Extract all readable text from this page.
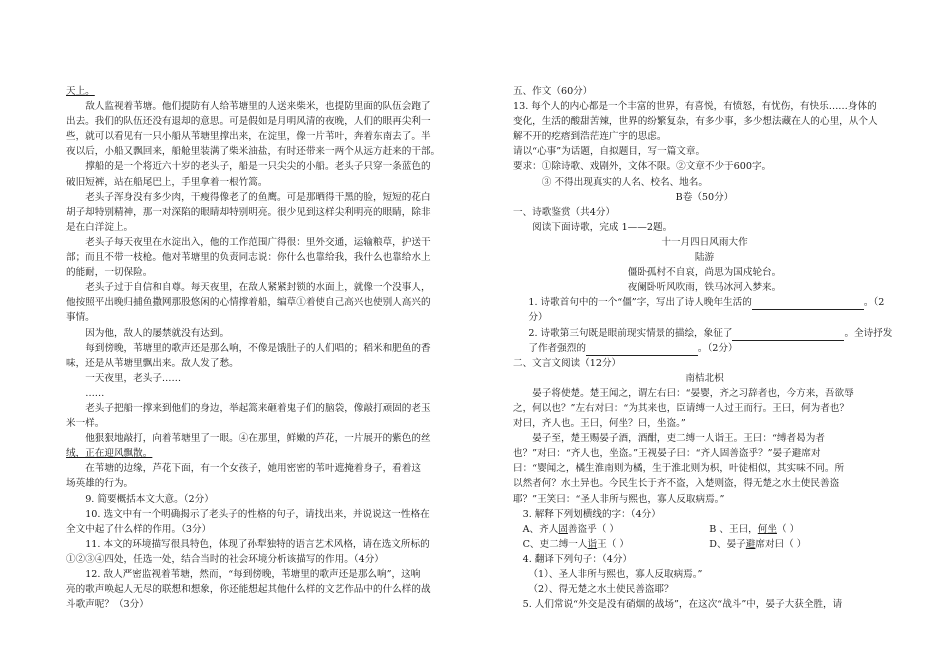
天上。
敌人监视着苇塘。他们提防有人给苇塘里的人送来柴米，也提防里面的队伍会跑了
出去。我们的队伍还没有退却的意思。可是假如是月明风清的夜晚，人们的眼再尖利一
些，就可以看见有一只小船从苇塘里撑出来，在淀里，像一片苇叶，奔着东南去了。半
夜以后，小船又飘回来，船舱里装满了柴米油盐，有时还带来一两个从远方赶来的干部。
撑船的是一个将近六十岁的老头子，船是一只尖尖的小船。老头子只穿一条蓝色的
破旧短裤，站在船尾巴上，手里拿着一根竹篙。
老头子浑身没有多少肉，干瘦得像老了的鱼鹰。可是那晒得干黑的脸，短短的花白
胡子却特别精神，那一对深陷的眼睛却特别明亮。很少见到这样尖利明亮的眼睛，除非
是在白洋淀上。
老头子每天夜里在水淀出入，他的工作范围广得很：里外交通，运输粮草，护送干
部；而且不带一枝枪。他对苇塘里的负责同志说：你什么也靠给我，我什么也靠给水上
的能耐，一切保险。
老头子过于自信和自尊。每天夜里，在敌人紧紧封锁的水面上，就像一个没事人，
他按照平出晚归捕鱼撒网那股悠闲的心情撑着船，编草①着使自己高兴也使别人高兴的
事情。
因为他，敌人的屡禁就没有达到。
每到傍晚，苇塘里的歌声还是那么响，不像是饿肚子的人们唱的；稻米和肥鱼的香
味，还是从苇塘里飘出来。敌人发了愁。
一天夜里，老头子……
……
老头子把船一撑来到他们的身边，举起篙来砸着鬼子们的脑袋，像敲打顽固的老玉
米一样。
他狠狠地敲打，向着苇塘里了一眼。④在那里，鲜嫩的芦花，一片展开的紫色的丝
绒，正在迎风飘散。
在苇塘的边缘，芦花下面，有一个女孩子，她用密密的苇叶遮掩着身子，看着这
场英雄的行为。
9. 简要概括本文大意。（2分）
10. 选文中有一个明确揭示了老头子的性格的句子，请找出来，并说说这一性格在
全文中起了什么样的作用。（3分）
11. 本文的环境描写很具特色，体现了孙犁独特的语言艺术风格，请在选文所标的
①②③④四处，任选一处，结合当时的社会环境分析该描写的作用。（4分）
12. 敌人严密监视着苇塘，然而，“每到傍晚，苇塘里的歌声还是那么响”，这响
亮的歌声唤起人无尽的联想和想象，你还能想起其他什么样的文艺作品中的什么样的战
斗歌声呢？（3分）
五、作文（60分）
13. 每个人的内心都是一个丰富的世界，有喜悦，有愤怒，有忧伤，有快乐……身体的
变化，生活的酸甜苦辣，世界的纷繁复杂，有多少事，多少想法藏在人的心里，从个人
解不开的疙瘩到浩茫连广宇的思虑。
请以“心事”为话题，自拟题目，写一篇文章。
要求：①除诗歌、戏剧外，文体不限。②文章不少于600字。
③ 不得出现真实的人名、校名、地名。
B卷（50分）
一、诗歌鉴赏（共4分）
阅读下面诗歌，完成 1——2题。
十一月四日风雨大作
陆游
僵卧孤村不自哀，尚思为国戍轮台。
夜阑卧听风吹雨，铁马冰河入梦来。
1. 诗歌首句中的一个“僵”字，写出了诗人晚年生活的	。（2
分）
2. 诗歌第三句既是眼前现实情景的描绘，象征了	。全诗抒发
了作者强烈的	。（2分）
二、文言文阅读（12分）
南桔北枳
晏子将使楚。楚王闻之，谓左右曰：“晏婴，齐之习辞者也，今方来，吾欲辱
之，何以也？”左右对曰：“为其来也，臣请缚一人过王而行。王曰，何为者也？
对曰，齐人也。王曰，何坐？曰，坐盗。”
晏子至，楚王赐晏子酒，酒酣，吏二缚一人诣王。王曰：“缚者曷为者
也？”对曰：“齐人也，坐盗。”王视晏子曰：“齐人固善盗乎？”晏子避席对
曰：“婴闻之，橘生淮南则为橘，生于淮北则为枳，叶徒相似，其实味不同。所
以然者何？水土异也。今民生长于齐不盗，入楚则盗，得无楚之水土使民善盗
耶？”王笑曰：“圣人非所与熙也，寡人反取病焉。”
3. 解释下列划横线的字：（4分）
A、齐人固善盗乎（ ）	B 、王曰，何坐（ ）
C、吏二缚一人诣王（ ）	D、晏子避席对曰（ ）
4. 翻译下列句子：（4分）
（1）、圣人非所与熙也，寡人反取病焉。”
（2）、得无楚之水土使民善盗耶？
5. 人们常说“外交是没有硝烟的战场”，在这次“战斗”中，晏子大获全胜，请
